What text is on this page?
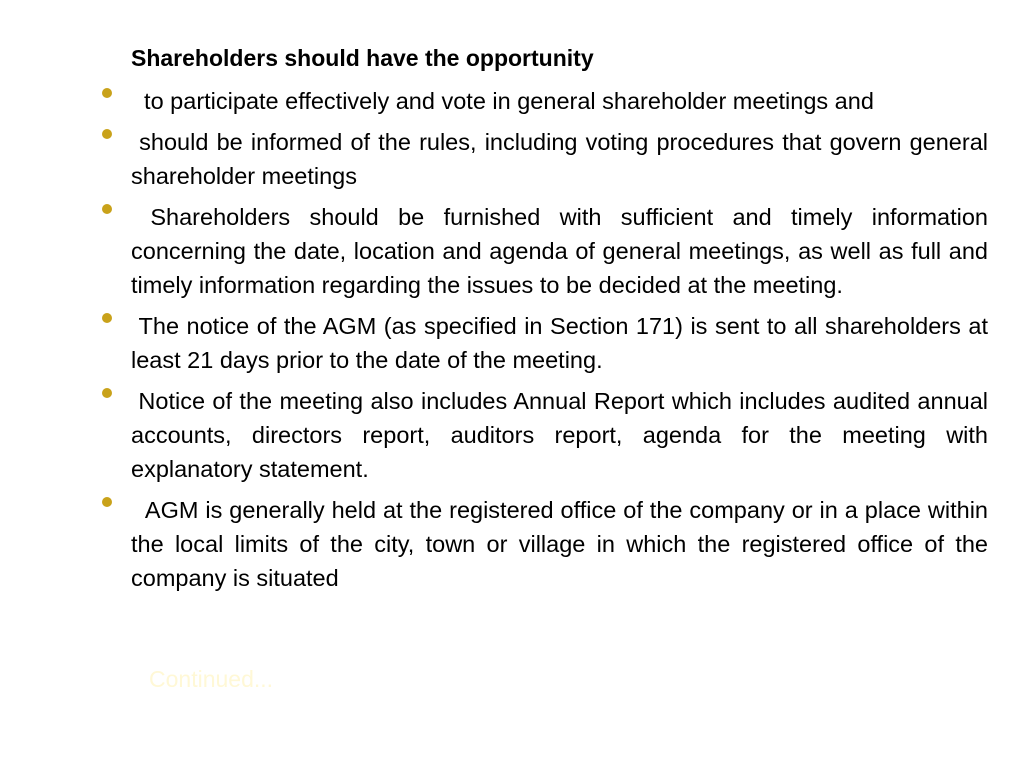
Shareholders should have the opportunity
to participate effectively and vote in general shareholder meetings and
should be informed of the rules, including voting procedures that govern general shareholder meetings
Shareholders should be furnished with sufficient and timely information concerning the date, location and agenda of general meetings, as well as full and timely information regarding the issues to be decided at the meeting.
The notice of the AGM (as specified in Section 171) is sent to all shareholders at least 21 days prior to the date of the meeting.
Notice of the meeting also includes Annual Report which includes audited annual accounts, directors report, auditors report, agenda for the meeting with explanatory statement.
AGM is generally held at the registered office of the company or in a place within the local limits of the city, town or village in which the registered office of the company is situated
Continued...
